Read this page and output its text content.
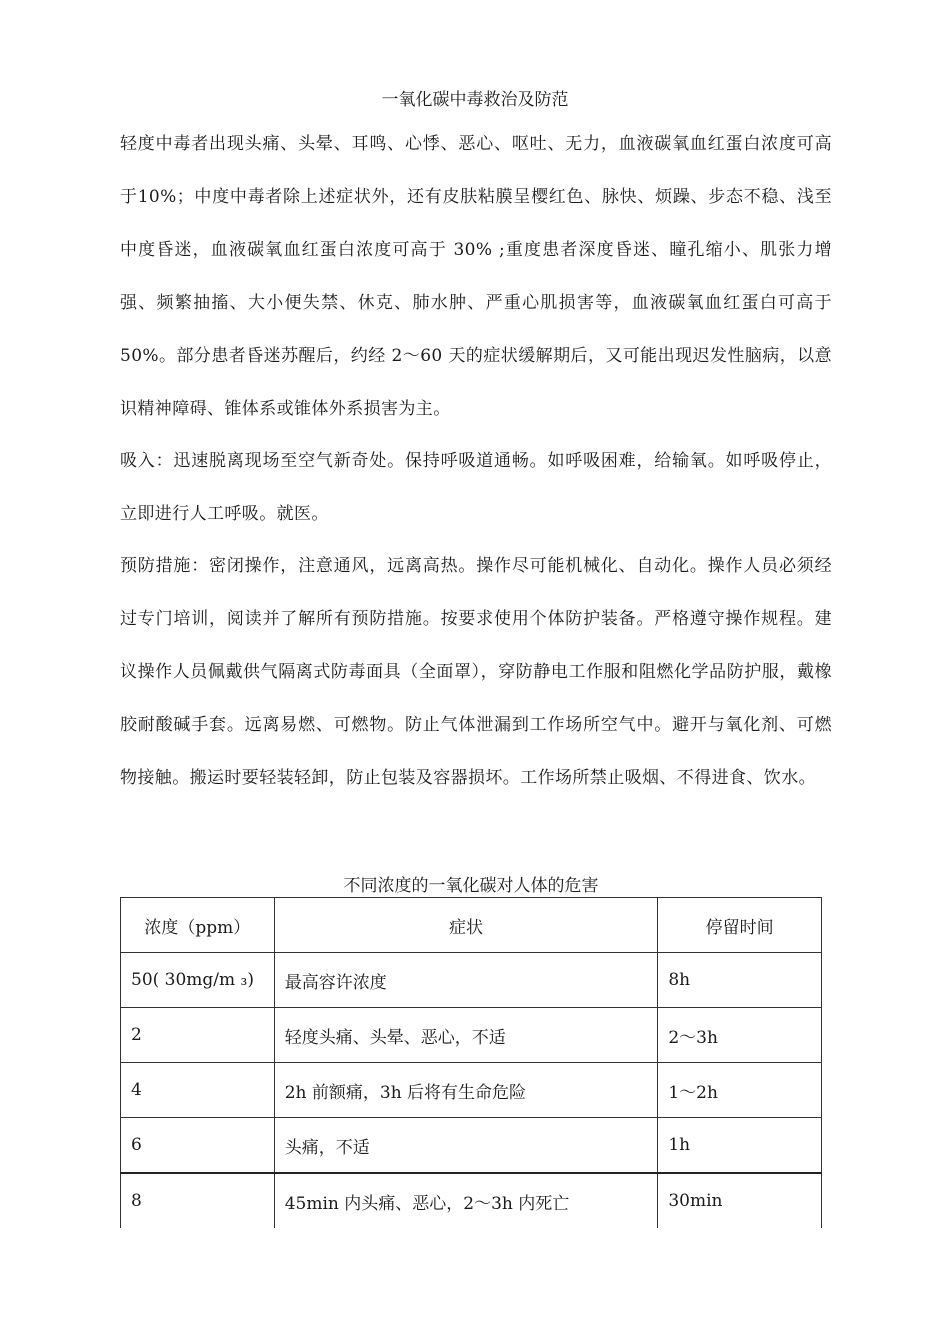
一氧化碳中毒救治及防范

轻度中毒者出现头痛、头晕、耳鸣、心悸、恶心、呕吐、无力，血液碳氧血红蛋白浓度可高于10%；中度中毒者除上述症状外，还有皮肤粘膜呈樱红色、脉快、烦躁、步态不稳、浅至中度昏迷，血液碳氧血红蛋白浓度可高于 30% ;重度患者深度昏迷、瞳孔缩小、肌张力增强、频繁抽搐、大小便失禁、休克、肺水肿、严重心肌损害等，血液碳氧血红蛋白可高于 50%。部分患者昏迷苏醒后，约经 2〜60 天的症状缓解期后，又可能出现迟发性脑病，以意识精神障碍、锥体系或锥体外系损害为主。

吸入：迅速脱离现场至空气新奇处。保持呼吸道通畅。如呼吸困难，给输氧。如呼吸停止，立即进行人工呼吸。就医。

预防措施：密闭操作，注意通风，远离高热。操作尽可能机械化、自动化。操作人员必须经过专门培训，阅读并了解所有预防措施。按要求使用个体防护装备。严格遵守操作规程。建议操作人员佩戴供气隔离式防毒面具（全面罩），穿防静电工作服和阻燃化学品防护服，戴橡胶耐酸碱手套。远离易燃、可燃物。防止气体泄漏到工作场所空气中。避开与氧化剂、可燃物接触。搬运时要轻装轻卸，防止包装及容器损坏。工作场所禁止吸烟、不得进食、饮水。

不同浓度的一氧化碳对人体的危害
浓度（ppm）	症状	停留时间
50( 30mg/m ₃)	最高容许浓度	8h
2	轻度头痛、头晕、恶心，不适	2〜3h
4	2h 前额痛，3h 后将有生命危险	1〜2h
6	头痛，不适	1h
8	45min 内头痛、恶心，2〜3h 内死亡	30min
